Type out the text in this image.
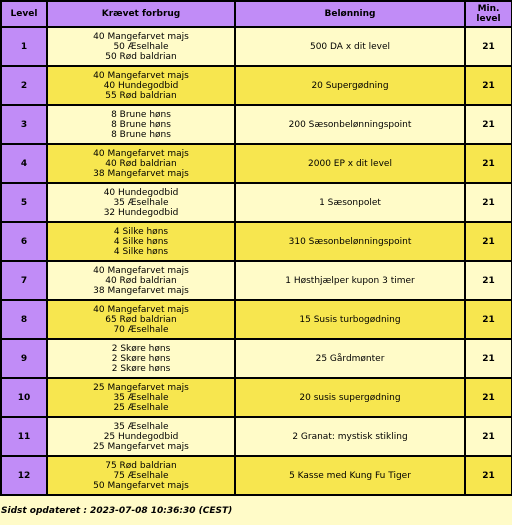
Level	Krævet forbrug	Belønning	Min.
level
1	40 Mangefarvet majs
50 Æselhale
50 Rød baldrian	500 DA x dit level	21
2	40 Mangefarvet majs
40 Hundegodbid
55 Rød baldrian	20 Supergødning	21
3	8 Brune høns
8 Brune høns
8 Brune høns	200 Sæsonbelønningspoint	21
4	40 Mangefarvet majs
40 Rød baldrian
38 Mangefarvet majs	2000 EP x dit level	21
5	40 Hundegodbid
35 Æselhale
32 Hundegodbid	1 Sæsonpolet	21
6	4 Silke høns
4 Silke høns
4 Silke høns	310 Sæsonbelønningspoint	21
7	40 Mangefarvet majs
40 Rød baldrian
38 Mangefarvet majs	1 Høsthjælper kupon 3 timer	21
8	40 Mangefarvet majs
65 Rød baldrian
70 Æselhale	15 Susis turbogødning	21
9	2 Skøre høns
2 Skøre høns
2 Skøre høns	25 Gårdmønter	21
10	25 Mangefarvet majs
35 Æselhale
25 Æselhale	20 susis supergødning	21
11	35 Æselhale
25 Hundegodbid
25 Mangefarvet majs	2 Granat: mystisk stikling	21
12	75 Rød baldrian
75 Æselhale
50 Mangefarvet majs	5 Kasse med Kung Fu Tiger	21
Sidst opdateret : 2023-07-08 10:36:30 (CEST)
